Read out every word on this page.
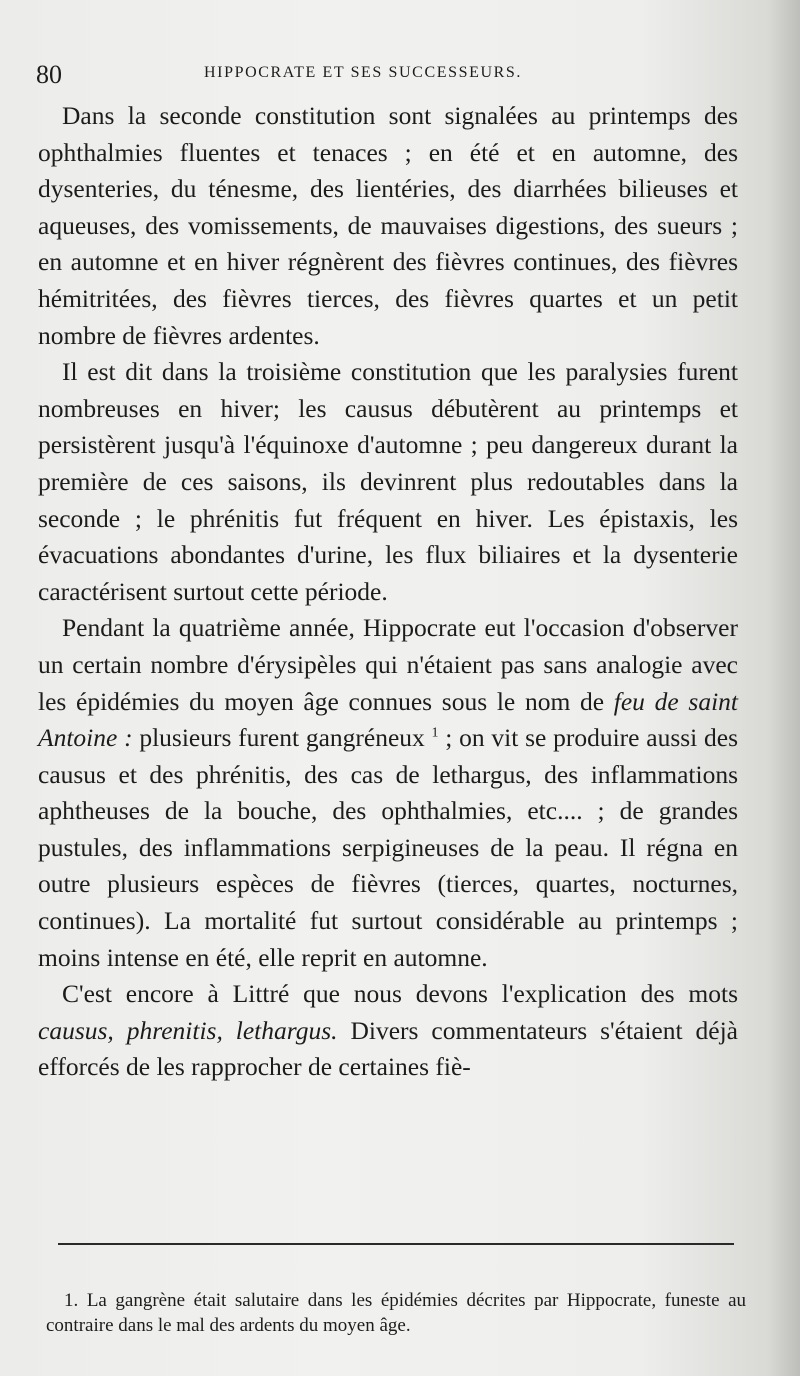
80	HIPPOCRATE ET SES SUCCESSEURS.

Dans la seconde constitution sont signalées au printemps des ophthalmies fluentes et tenaces ; en été et en automne, des dysenteries, du ténesme, des lientéries, des diarrhées bilieuses et aqueuses, des vomissements, de mauvaises digestions, des sueurs ; en automne et en hiver régnèrent des fièvres continues, des fièvres hémitritées, des fièvres tierces, des fièvres quartes et un petit nombre de fièvres ardentes.

Il est dit dans la troisième constitution que les paralysies furent nombreuses en hiver; les causus débutèrent au printemps et persistèrent jusqu'à l'équinoxe d'automne ; peu dangereux durant la première de ces saisons, ils devinrent plus redoutables dans la seconde ; le phrénitis fut fréquent en hiver. Les épistaxis, les évacuations abondantes d'urine, les flux biliaires et la dysenterie caractérisent surtout cette période.

Pendant la quatrième année, Hippocrate eut l'occasion d'observer un certain nombre d'érysipèles qui n'étaient pas sans analogie avec les épidémies du moyen âge connues sous le nom de feu de saint Antoine : plusieurs furent gangréneux $^1$ ; on vit se produire aussi des causus et des phrénitis, des cas de lethargus, des inflammations aphtheuses de la bouche, des ophthalmies, etc.... ; de grandes pustules, des inflammations serpigineuses de la peau. Il régna en outre plusieurs espèces de fièvres (tierces, quartes, nocturnes, continues). La mortalité fut surtout considérable au printemps ; moins intense en été, elle reprit en automne.

C'est encore à Littré que nous devons l'explication des mots causus, phrenitis, lethargus. Divers commentateurs s'étaient déjà efforcés de les rapprocher de certaines fiè-

1. La gangrène était salutaire dans les épidémies décrites par Hippocrate, funeste au contraire dans le mal des ardents du moyen âge.
